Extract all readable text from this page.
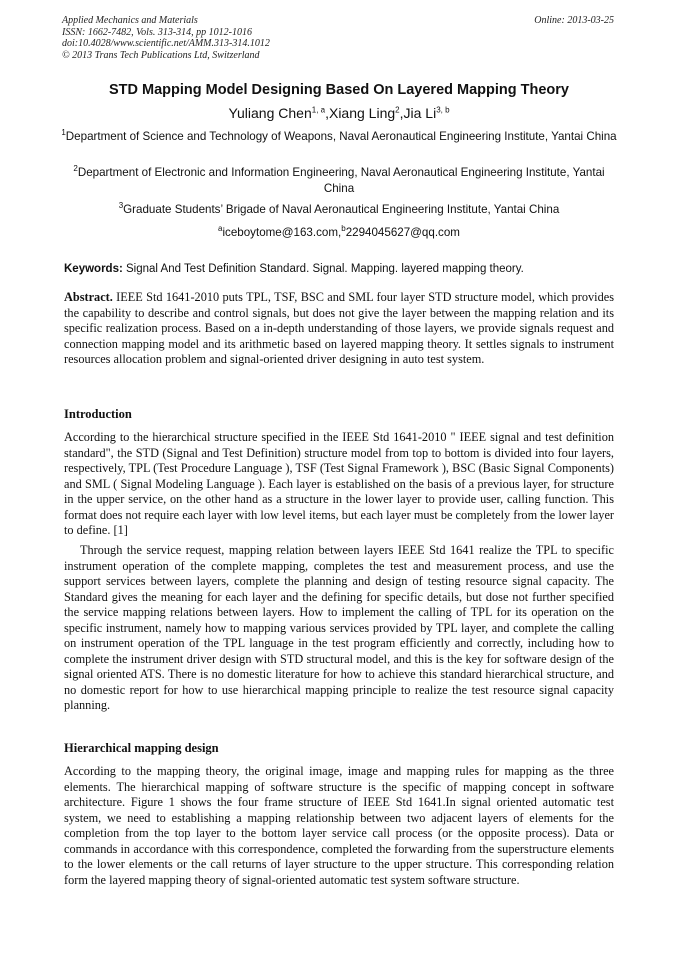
Applied Mechanics and Materials
ISSN: 1662-7482, Vols. 313-314, pp 1012-1016
doi:10.4028/www.scientific.net/AMM.313-314.1012
© 2013 Trans Tech Publications Ltd, Switzerland
Online: 2013-03-25
STD Mapping Model Designing Based On Layered Mapping Theory
Yuliang Chen$^{1, a}$,Xiang Ling$^2$,Jia Li$^{3, b}$
$^1$Department of Science and Technology of Weapons, Naval Aeronautical Engineering Institute, Yantai China
$^2$Department of Electronic and Information Engineering, Naval Aeronautical Engineering Institute, Yantai China
$^3$Graduate Students’ Brigade of Naval Aeronautical Engineering Institute, Yantai China
$^a$iceboytome@163.com,$^b$2294045627@qq.com
Keywords: Signal And Test Definition Standard. Signal. Mapping. layered mapping theory.
Abstract. IEEE Std 1641-2010 puts TPL, TSF, BSC and SML four layer STD structure model, which provides the capability to describe and control signals, but does not give the layer between the mapping relation and its specific realization process. Based on a in-depth understanding of those layers, we provide signals request and connection mapping model and its arithmetic based on layered mapping theory. It settles signals to instrument resources allocation problem and signal-oriented driver designing in auto test system.
Introduction
According to the hierarchical structure specified in the IEEE Std 1641-2010 " IEEE signal and test definition standard", the STD (Signal and Test Definition) structure model from top to bottom is divided into four layers, respectively, TPL (Test Procedure Language ), TSF (Test Signal Framework ), BSC (Basic Signal Components) and SML ( Signal Modeling Language ). Each layer is established on the basis of a previous layer, for structure in the upper service, on the other hand as a structure in the lower layer to provide user, calling function. This format does not require each layer with low level items, but each layer must be completely from the lower layer to define. [1]
Through the service request, mapping relation between layers IEEE Std 1641 realize the TPL to specific instrument operation of the complete mapping, completes the test and measurement process, and use the support services between layers, complete the planning and design of testing resource signal capacity. The Standard gives the meaning for each layer and the defining for specific details, but dose not further specified the service mapping relations between layers. How to implement the calling of TPL for its operation on the specific instrument, namely how to mapping various services provided by TPL layer, and complete the calling on instrument operation of the TPL language in the test program efficiently and correctly, including how to complete the instrument driver design with STD structural model, and this is the key for software design of the signal oriented ATS. There is no domestic literature for how to achieve this standard hierarchical structure, and no domestic report for how to use hierarchical mapping principle to realize the test resource signal capacity planning.
Hierarchical mapping design
According to the mapping theory, the original image, image and mapping rules for mapping as the three elements. The hierarchical mapping of software structure is the specific of mapping concept in software architecture. Figure 1 shows the four frame structure of IEEE Std 1641.In signal oriented automatic test system, we need to establishing a mapping relationship between two adjacent layers of elements for the completion from the top layer to the bottom layer service call process (or the opposite process). Data or commands in accordance with this correspondence, completed the forwarding from the superstructure elements to the lower elements or the call returns of layer structure to the upper structure. This corresponding relation form the layered mapping theory of signal-oriented automatic test system software structure.
